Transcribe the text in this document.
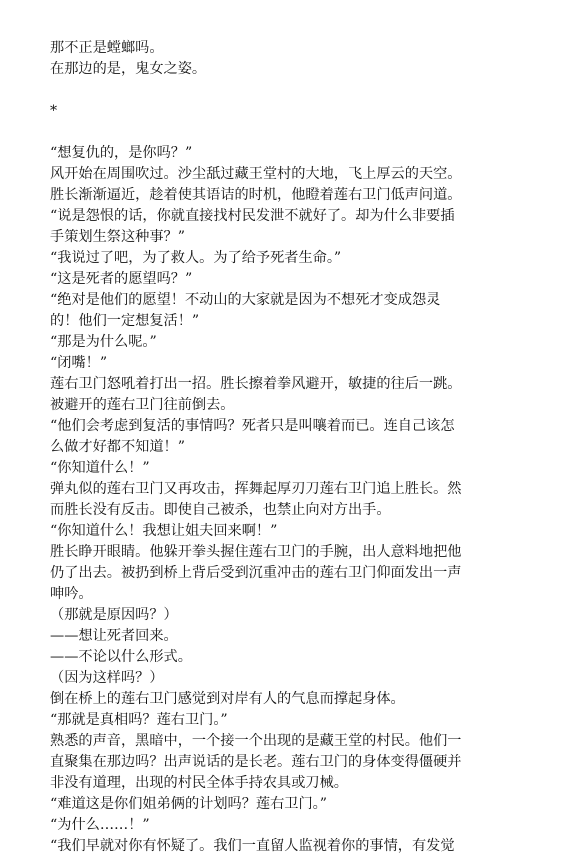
那不正是螳螂吗。
在那边的是，鬼女之姿。
*
“想复仇的，是你吗？”
风开始在周围吹过。沙尘舐过藏王堂村的大地，飞上厚云的天空。
胜长渐渐逼近，趁着使其语诘的时机，他瞪着莲右卫门低声问道。
“说是怨恨的话，你就直接找村民发泄不就好了。却为什么非要插
手策划生祭这种事？”
“我说过了吧，为了救人。为了给予死者生命。”
“这是死者的愿望吗？”
“绝对是他们的愿望！不动山的大家就是因为不想死才变成怨灵
的！他们一定想复活！”
“那是为什么呢。”
“闭嘴！”
莲右卫门怒吼着打出一招。胜长擦着拳风避开，敏捷的往后一跳。
被避开的莲右卫门往前倒去。
“他们会考虑到复活的事情吗？死者只是叫嚷着而已。连自己该怎
么做才好都不知道！”
“你知道什么！”
弹丸似的莲右卫门又再攻击，挥舞起厚刃刀莲右卫门追上胜长。然
而胜长没有反击。即使自己被杀，也禁止向对方出手。
“你知道什么！我想让姐夫回来啊！”
胜长睁开眼睛。他躲开拳头握住莲右卫门的手腕，出人意料地把他
仍了出去。被扔到桥上背后受到沉重冲击的莲右卫门仰面发出一声
呻吟。
（那就是原因吗？）
——想让死者回来。
——不论以什么形式。
（因为这样吗？）
倒在桥上的莲右卫门感觉到对岸有人的气息而撑起身体。
“那就是真相吗？莲右卫门。”
熟悉的声音，黑暗中，一个接一个出现的是藏王堂的村民。他们一
直聚集在那边吗？出声说话的是长老。莲右卫门的身体变得僵硬并
非没有道理，出现的村民全体手持农具或刀械。
“难道这是你们姐弟俩的计划吗？莲右卫门。”
“为什么……！”
“我们早就对你有怀疑了。我们一直留人监视着你的事情，有发觉
